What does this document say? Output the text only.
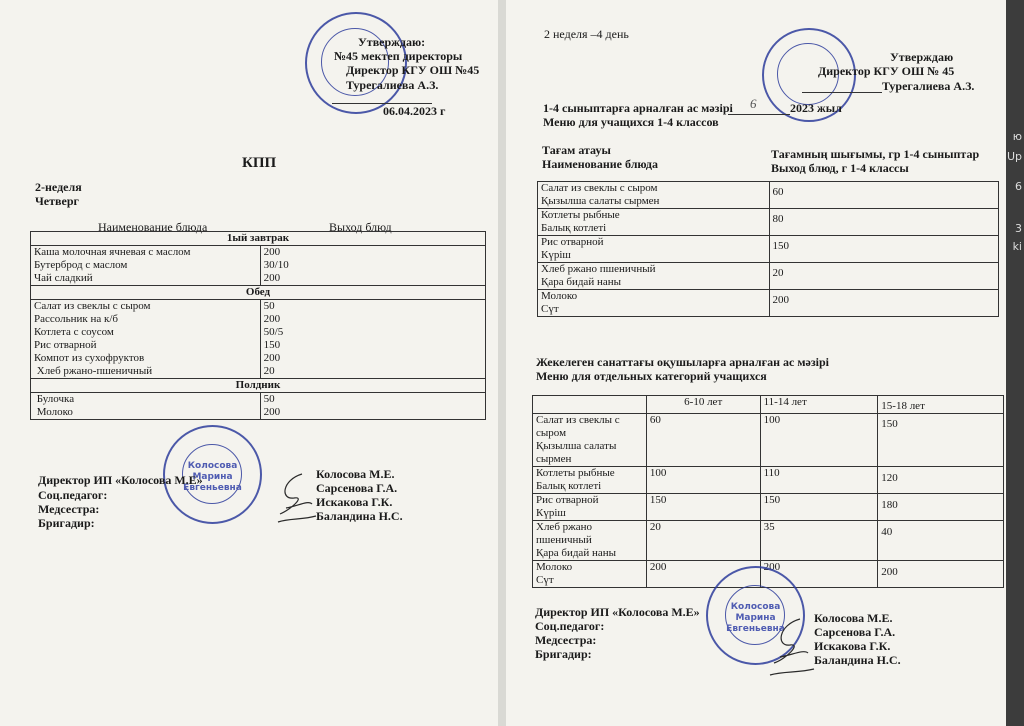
Утверждаю:
№45 мектеп директоры
Директор КГУ ОШ №45
Турегалиева А.З.
06.04.2023 г
КПП
2-неделя
Четверг
Наименование блюда	Выход блюд
1ый завтрак	
Каша молочная ячневая с маслом	200
Бутерброд с маслом	30/10
Чай сладкий	200
Обед	
Салат из свеклы с сыром	50
Рассольник на к/б	200
Котлета с соусом	50/5
Рис отварной	150
Компот из сухофруктов	200
Хлеб ржано-пшеничный	20
Полдник	
Булочка	50
Молоко	200
Колосова
Марина
Евгеньевна
Директор ИП «Колосова М.Е»
Соц.педагог:
Медсестра:
Бригадир:
Колосова М.Е.
Сарсенова Г.А.
Искакова Г.К.
Баландина Н.С.
2 неделя –4 день
Утверждаю
Директор КГУ ОШ № 45
Турегалиева А.З.
1-4 сыныптарға арналған ас мәзірі 6	2023 жыл
Меню для учащихся 1-4 классов
Тағам атауы
Наименование блюда
Тағамның шығымы, гр 1-4 сыныптар
Выход блюд, г 1-4 классы
Салат из свеклы с сыром
Қызылша салаты сырмен	60

Котлеты рыбные
Балық котлеті	80

Рис отварной
Күріш	150

Хлеб ржано пшеничный
Қара бидай наны	20

Молоко
Сүт	200
Жекелеген санаттағы оқушыларға арналған ас мәзірі
Меню для отдельных категорий учащихся
	6-10 лет	11-14 лет	15-18 лет

Салат из свеклы с
сыром
Қызылша салаты
сырмен	60	100	150

Котлеты рыбные
Балық котлеті	100	110	120

Рис отварной
Күріш	150	150	180

Хлеб ржано
пшеничный
Қара бидай наны	20	35	40

Молоко
Сүт	200	200	200
Колосова
Марина
Евгеньевна
Директор ИП «Колосова М.Е»
Соц.педагог:
Медсестра:
Бригадир:
Колосова М.Е.
Сарсенова Г.А.
Искакова Г.К.
Баландина Н.С.
ю
Up
6
3
ki
